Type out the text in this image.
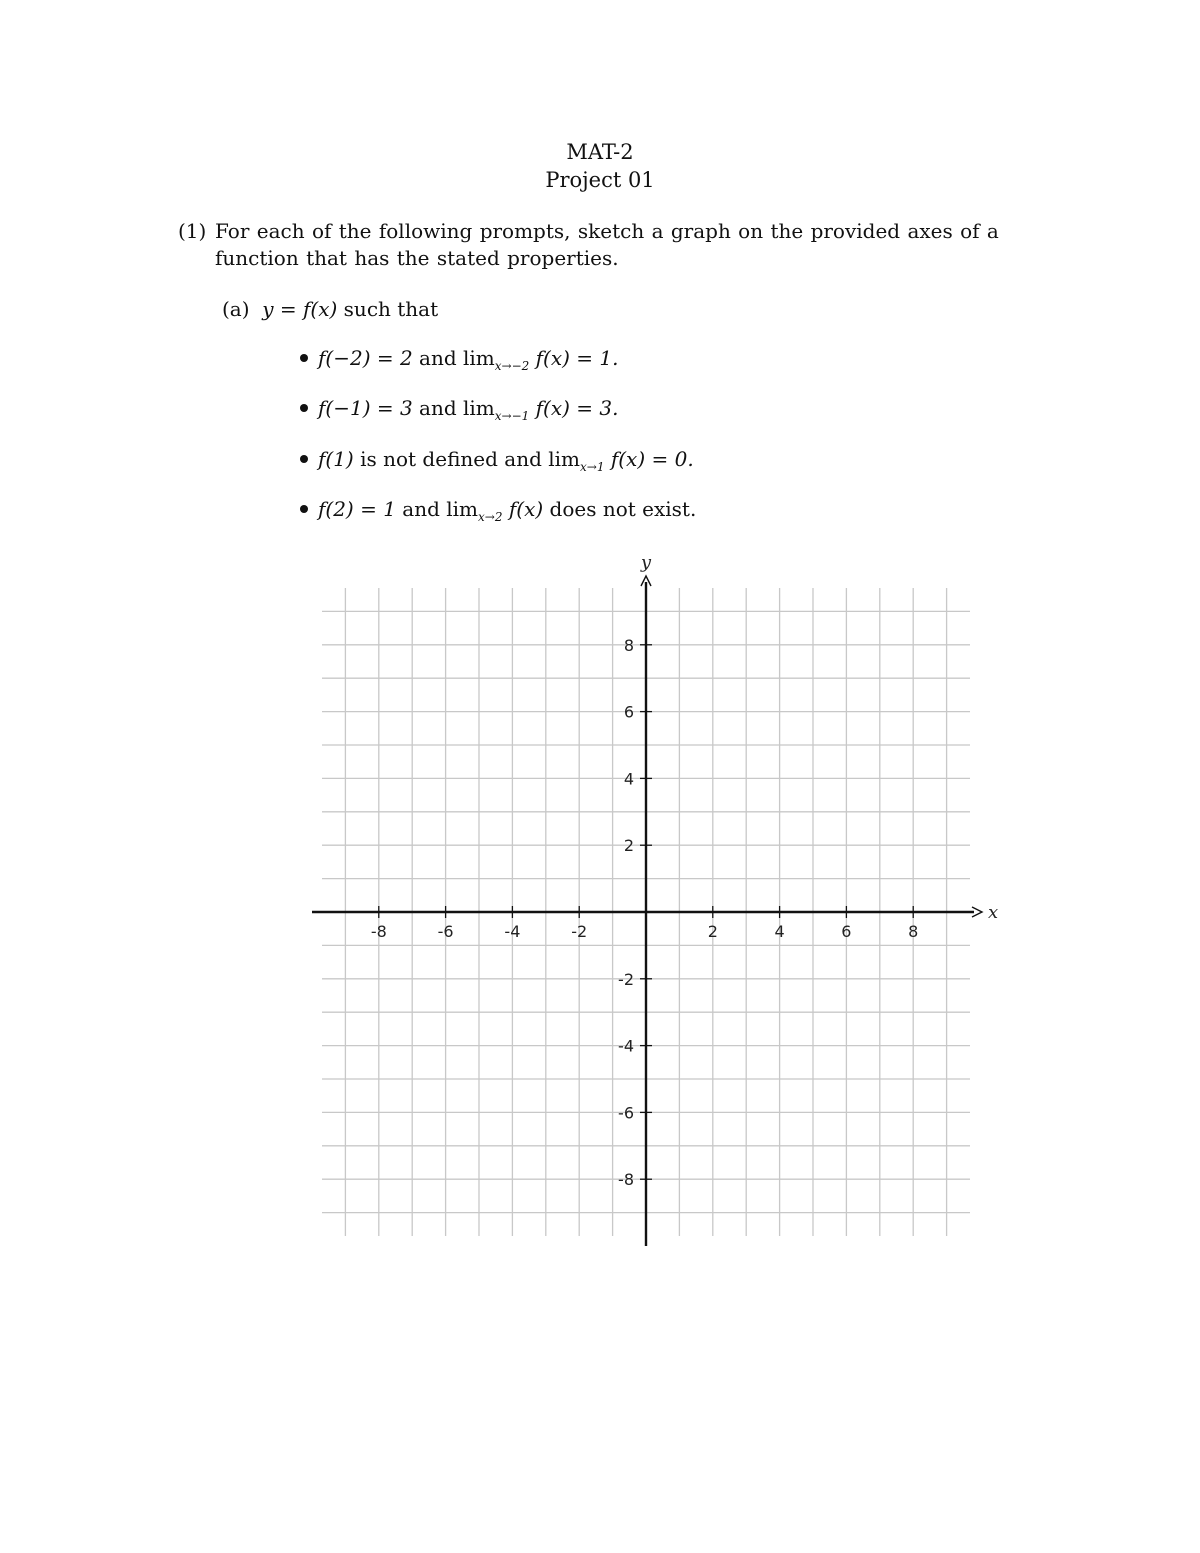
MAT-2
Project 01
(1) For each of the following prompts, sketch a graph on the provided axes of a function that has the stated properties.
(a) y = f(x) such that
f(−2) = 2 and $\lim_{x\to-2} f(x) = 1$.
f(−1) = 3 and $\lim_{x\to-1} f(x) = 3$.
f(1) is not defined and $\lim_{x\to 1} f(x) = 0$.
f(2) = 1 and $\lim_{x\to 2} f(x)$ does not exist.
-8	-6	-4	-2	2	4	6	8
8
6
4
2
-2
-4
-6
-8
x
y
